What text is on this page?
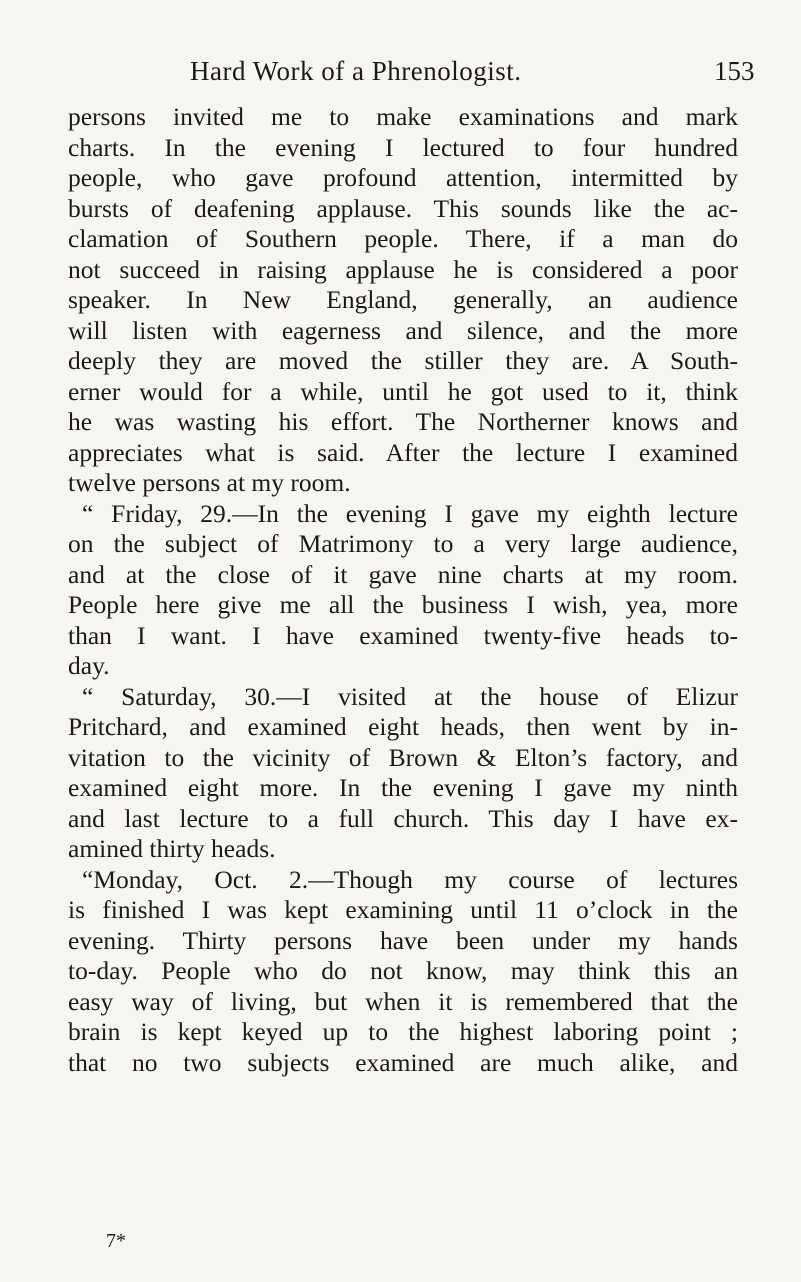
Hard Work of a Phrenologist.	153
persons invited me to make examinations and mark
charts. In the evening I lectured to four hundred
people, who gave profound attention, intermitted by
bursts of deafening applause. This sounds like the ac-
clamation of Southern people. There, if a man do
not succeed in raising applause he is considered a poor
speaker. In New England, generally, an audience
will listen with eagerness and silence, and the more
deeply they are moved the stiller they are. A South-
erner would for a while, until he got used to it, think
he was wasting his effort. The Northerner knows and
appreciates what is said. After the lecture I examined
twelve persons at my room.
“ Friday, 29.—In the evening I gave my eighth lecture
on the subject of Matrimony to a very large audience,
and at the close of it gave nine charts at my room.
People here give me all the business I wish, yea, more
than I want. I have examined twenty-five heads to-
day.
“ Saturday, 30.—I visited at the house of Elizur
Pritchard, and examined eight heads, then went by in-
vitation to the vicinity of Brown & Elton’s factory, and
examined eight more. In the evening I gave my ninth
and last lecture to a full church. This day I have ex-
amined thirty heads.
“Monday, Oct. 2.—Though my course of lectures
is finished I was kept examining until 11 o’clock in the
evening. Thirty persons have been under my hands
to-day. People who do not know, may think this an
easy way of living, but when it is remembered that the
brain is kept keyed up to the highest laboring point ;
that no two subjects examined are much alike, and
7*
